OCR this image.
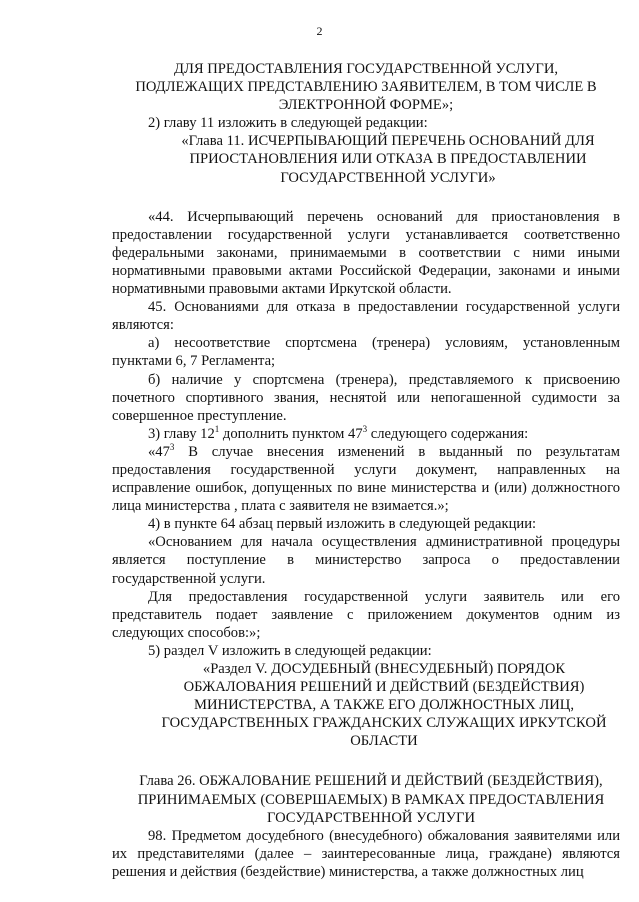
2

ДЛЯ ПРЕДОСТАВЛЕНИЯ ГОСУДАРСТВЕННОЙ УСЛУГИ, ПОДЛЕЖАЩИХ ПРЕДСТАВЛЕНИЮ ЗАЯВИТЕЛЕМ, В ТОМ ЧИСЛЕ В ЭЛЕКТРОННОЙ ФОРМЕ»;

2) главу 11 изложить в следующей редакции:

«Глава 11. ИСЧЕРПЫВАЮЩИЙ ПЕРЕЧЕНЬ ОСНОВАНИЙ ДЛЯ ПРИОСТАНОВЛЕНИЯ ИЛИ ОТКАЗА В ПРЕДОСТАВЛЕНИИ ГОСУДАРСТВЕННОЙ УСЛУГИ»

«44. Исчерпывающий перечень оснований для приостановления в предоставлении государственной услуги устанавливается соответственно федеральными законами, принимаемыми в соответствии с ними иными нормативными правовыми актами Российской Федерации, законами и иными нормативными правовыми актами Иркутской области.

45. Основаниями для отказа в предоставлении государственной услуги являются:

а) несоответствие спортсмена (тренера) условиям, установленным пунктами 6, 7 Регламента;

б) наличие у спортсмена (тренера), представляемого к присвоению почетного спортивного звания, неснятой или непогашенной судимости за совершенное преступление.

3) главу $12^1$ дополнить пунктом $47^3$ следующего содержания:

«$47^3$ В случае внесения изменений в выданный по результатам предоставления государственной услуги документ, направленных на исправление ошибок, допущенных по вине министерства и (или) должностного лица министерства , плата с заявителя не взимается.»;

4) в пункте 64 абзац первый изложить в следующей редакции:

«Основанием для начала осуществления административной процедуры является поступление в министерство запроса о предоставлении государственной услуги.

Для предоставления государственной услуги заявитель или его представитель подает заявление с приложением документов одним из следующих способов:»;

5) раздел V изложить в следующей редакции:

«Раздел V. ДОСУДЕБНЫЙ (ВНЕСУДЕБНЫЙ) ПОРЯДОК ОБЖАЛОВАНИЯ РЕШЕНИЙ И ДЕЙСТВИЙ (БЕЗДЕЙСТВИЯ) МИНИСТЕРСТВА, А ТАКЖЕ ЕГО ДОЛЖНОСТНЫХ ЛИЦ, ГОСУДАРСТВЕННЫХ ГРАЖДАНСКИХ СЛУЖАЩИХ ИРКУТСКОЙ ОБЛАСТИ

Глава 26. ОБЖАЛОВАНИЕ РЕШЕНИЙ И ДЕЙСТВИЙ (БЕЗДЕЙСТВИЯ), ПРИНИМАЕМЫХ (СОВЕРШАЕМЫХ) В РАМКАХ ПРЕДОСТАВЛЕНИЯ ГОСУДАРСТВЕННОЙ УСЛУГИ

98. Предметом досудебного (внесудебного) обжалования заявителями или их представителями (далее – заинтересованные лица, граждане) являются решения и действия (бездействие) министерства, а также должностных лиц
